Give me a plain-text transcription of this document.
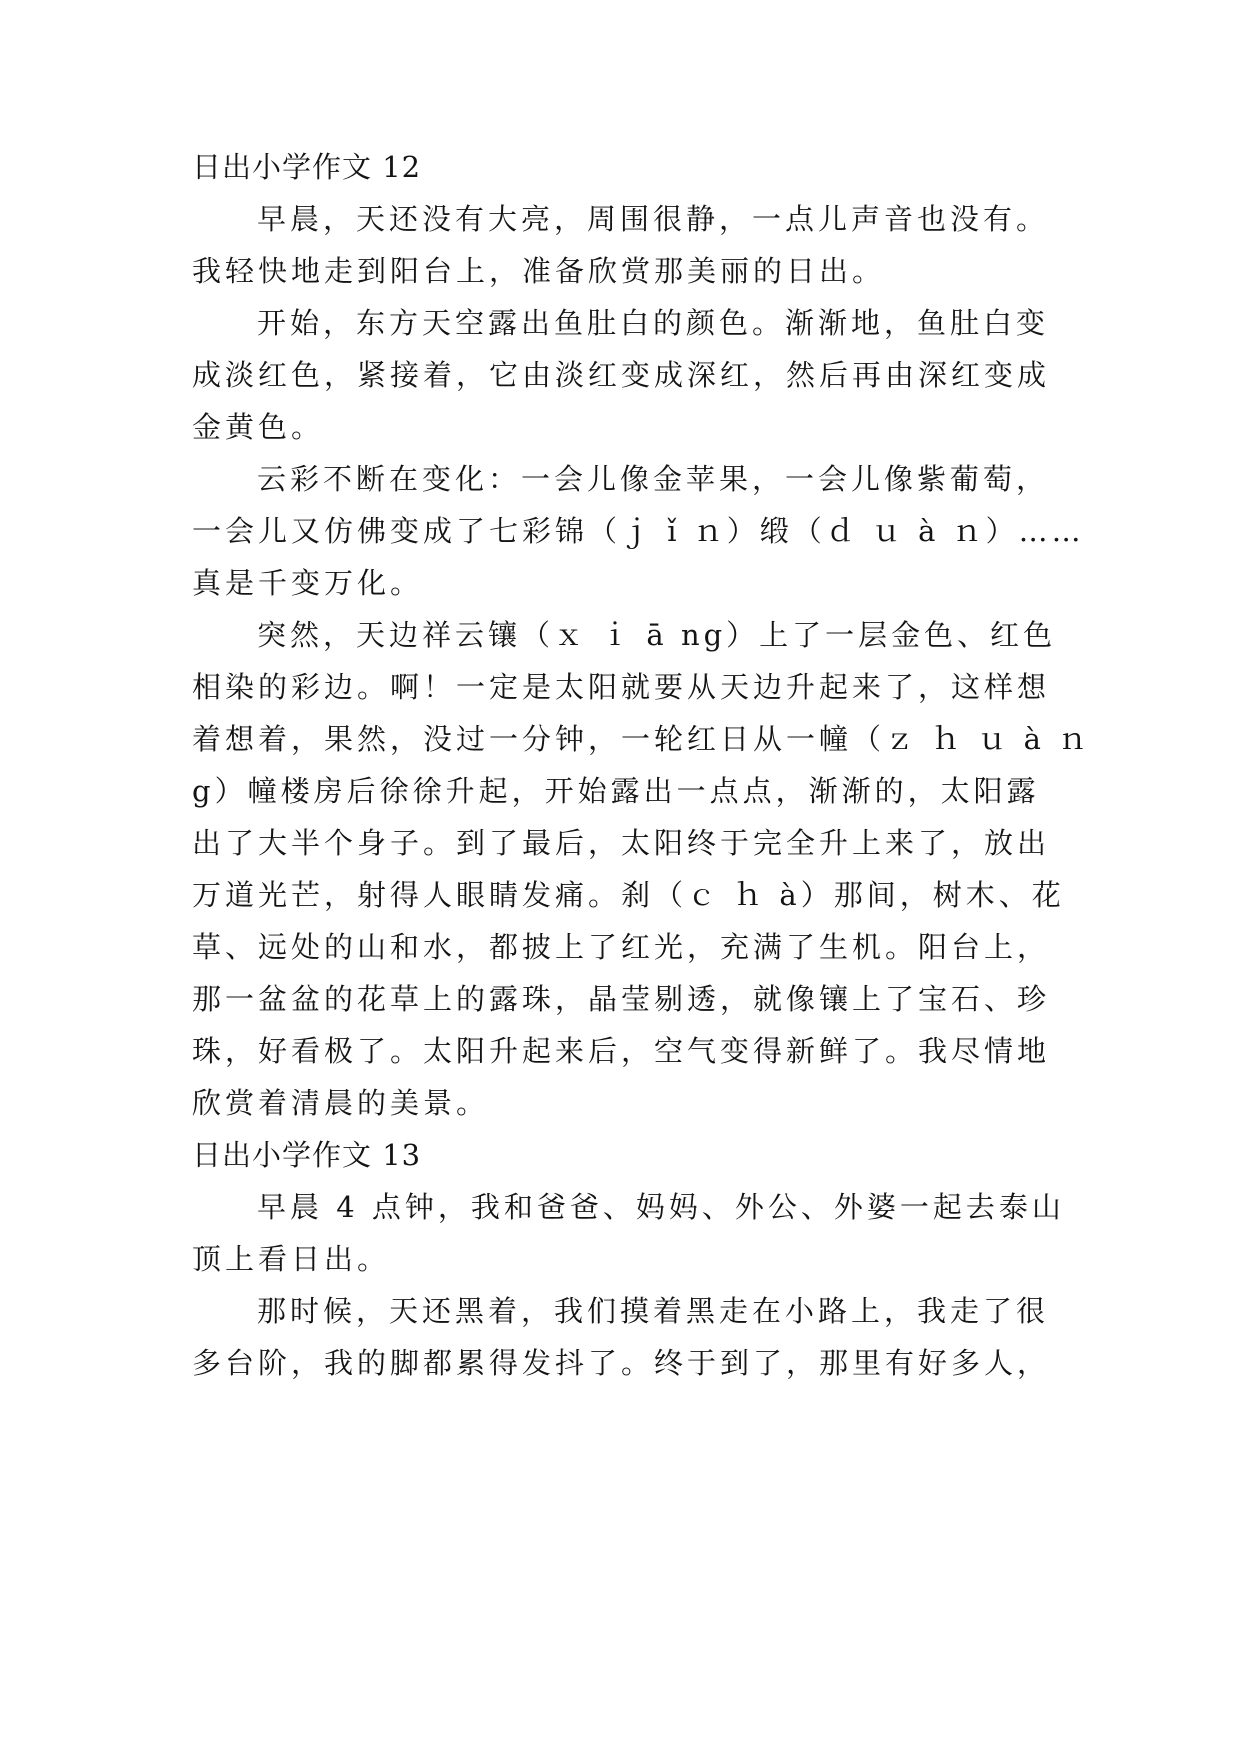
日出小学作文 12

早晨，天还没有大亮，周围很静，一点儿声音也没有。

我轻快地走到阳台上，准备欣赏那美丽的日出。

开始，东方天空露出鱼肚白的颜色。渐渐地，鱼肚白变

成淡红色，紧接着，它由淡红变成深红，然后再由深红变成

金黄色。

云彩不断在变化：一会儿像金苹果，一会儿像紫葡萄，

一会儿又仿佛变成了七彩锦（ｊ ǐ ｎ）缎（ｄ ｕ à ｎ）……

真是千变万化。

突然，天边祥云镶（ｘ ｉ ā ng）上了一层金色、红色

相染的彩边。啊！一定是太阳就要从天边升起来了，这样想

着想着，果然，没过一分钟，一轮红日从一幢（ｚ ｈ ｕ à ｎ

g）幢楼房后徐徐升起，开始露出一点点，渐渐的，太阳露

出了大半个身子。到了最后，太阳终于完全升上来了，放出

万道光芒，射得人眼睛发痛。刹（ｃ ｈ à）那间，树木、花

草、远处的山和水，都披上了红光，充满了生机。阳台上，

那一盆盆的花草上的露珠，晶莹剔透，就像镶上了宝石、珍

珠，好看极了。太阳升起来后，空气变得新鲜了。我尽情地

欣赏着清晨的美景。

日出小学作文 13

早晨 4 点钟，我和爸爸、妈妈、外公、外婆一起去泰山

顶上看日出。

那时候，天还黑着，我们摸着黑走在小路上，我走了很

多台阶，我的脚都累得发抖了。终于到了，那里有好多人，
